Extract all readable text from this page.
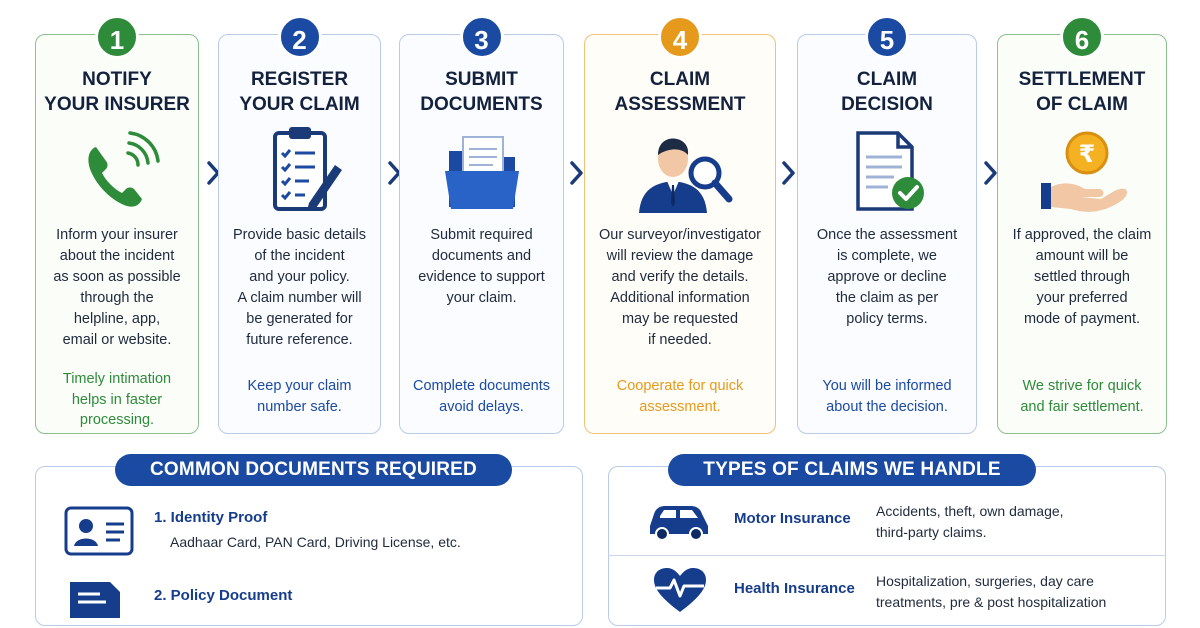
1
NOTIFY
YOUR INSURER
Inform your insurer
about the incident
as soon as possible
through the
helpline, app,
email or website.
Timely intimation
helps in faster
processing.
2
REGISTER
YOUR CLAIM
Provide basic details
of the incident
and your policy.
A claim number will
be generated for
future reference.
Keep your claim
number safe.
3
SUBMIT
DOCUMENTS
Submit required
documents and
evidence to support
your claim.
Complete documents
avoid delays.
4
CLAIM
ASSESSMENT
Our surveyor/investigator
will review the damage
and verify the details.
Additional information
may be requested
if needed.
Cooperate for quick
assessment.
5
CLAIM
DECISION
Once the assessment
is complete, we
approve or decline
the claim as per
policy terms.
You will be informed
about the decision.
6
SETTLEMENT
OF CLAIM
₹
If approved, the claim
amount will be
settled through
your preferred
mode of payment.
We strive for quick
and fair settlement.
COMMON DOCUMENTS REQUIRED
1. Identity Proof
Aadhaar Card, PAN Card, Driving License, etc.
2. Policy Document
TYPES OF CLAIMS WE HANDLE
Motor Insurance Accidents, theft, own damage,
third-party claims.
Health Insurance Hospitalization, surgeries, day care
treatments, pre & post hospitalization
